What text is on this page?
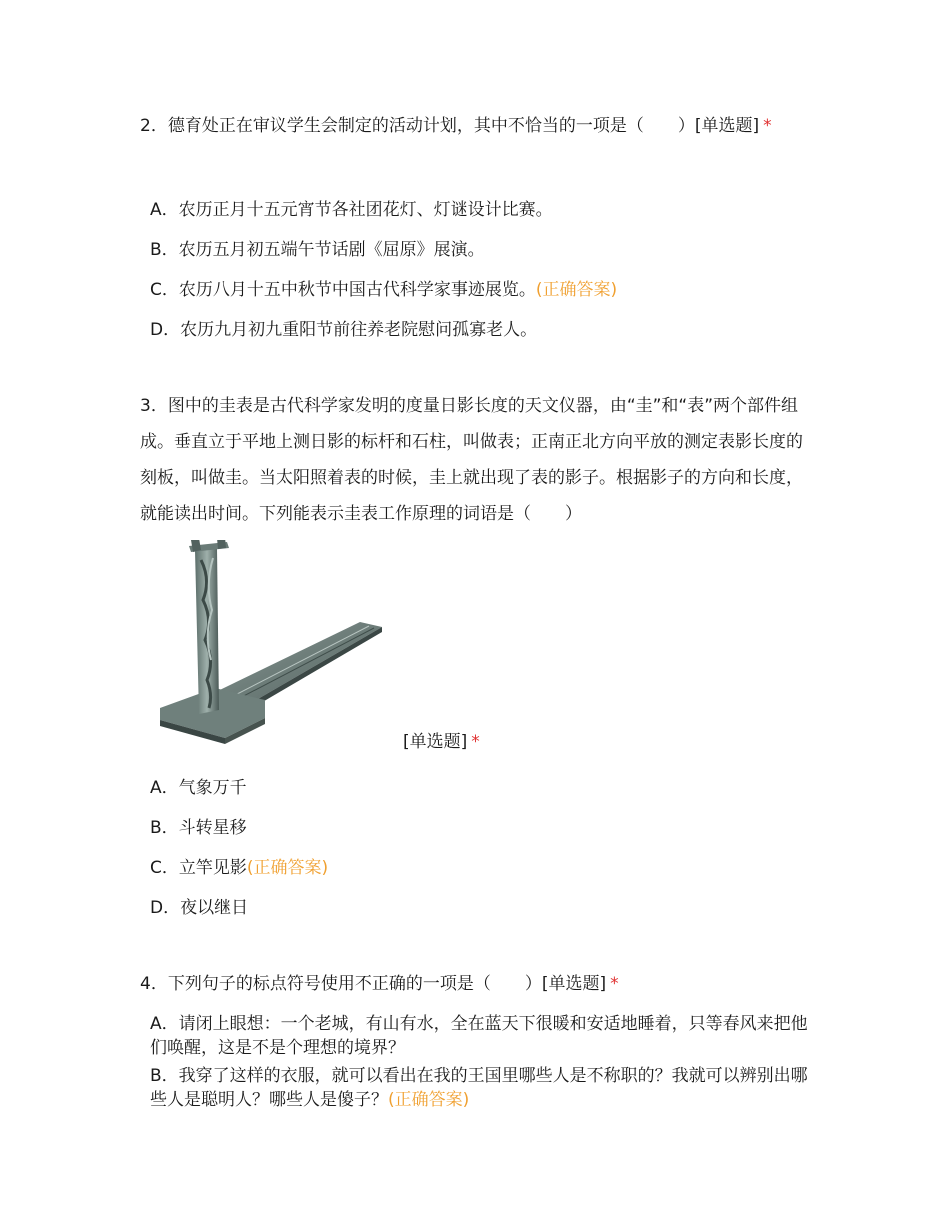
2．德育处正在审议学生会制定的活动计划，其中不恰当的一项是（　　）[单选题] *

A．农历正月十五元宵节各社团花灯、灯谜设计比赛。
B．农历五月初五端午节话剧《屈原》展演。
C．农历八月十五中秋节中国古代科学家事迹展览。(正确答案)
D．农历九月初九重阳节前往养老院慰问孤寡老人。

3．图中的圭表是古代科学家发明的度量日影长度的天文仪器，由“圭”和“表”两个部件组成。垂直立于平地上测日影的标杆和石柱，叫做表；正南正北方向平放的测定表影长度的刻板，叫做圭。当太阳照着表的时候，圭上就出现了表的影子。根据影子的方向和长度，就能读出时间。下列能表示圭表工作原理的词语是（　　）

[单选题] *
A．气象万千
B．斗转星移
C．立竿见影(正确答案)
D．夜以继日

4．下列句子的标点符号使用不正确的一项是（　　）[单选题] *

A．请闭上眼想：一个老城，有山有水，全在蓝天下很暖和安适地睡着，只等春风来把他们唤醒，这是不是个理想的境界？
B．我穿了这样的衣服，就可以看出在我的王国里哪些人是不称职的？我就可以辨别出哪些人是聪明人？哪些人是傻子？(正确答案)
